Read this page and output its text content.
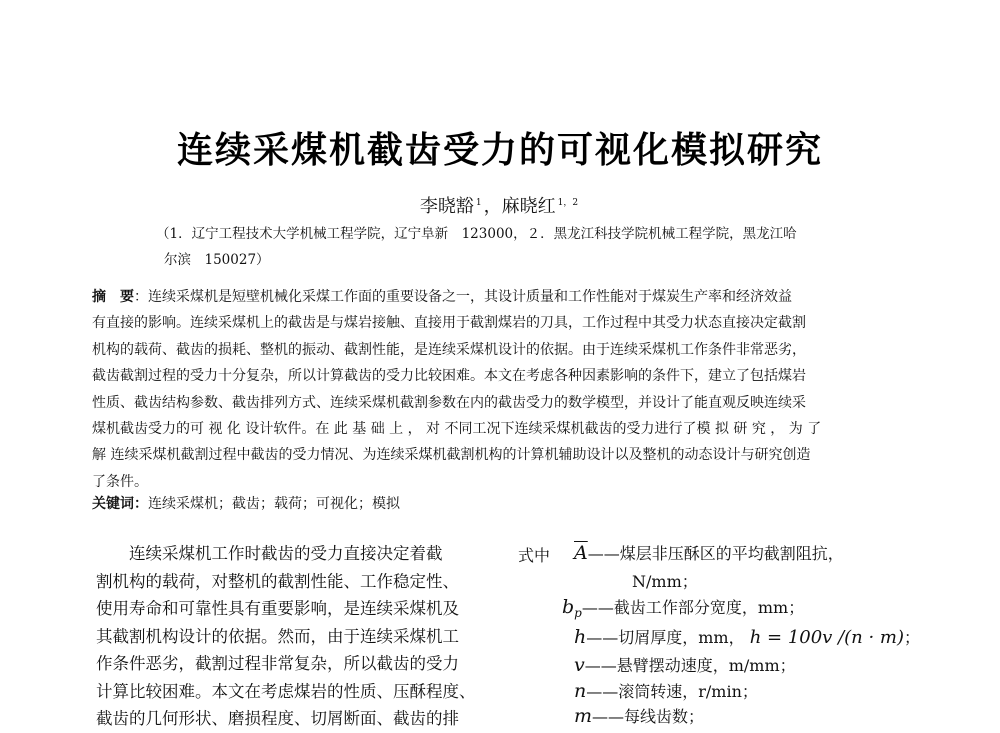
连续采煤机截齿受力的可视化模拟研究
李晓豁 $^1$ ，麻晓红 $^{1,2}$
（1．辽宁工程技术大学机械工程学院，辽宁阜新　123000，２．黑龙江科技学院机械工程学院，黑龙江哈
尔滨　150027）
摘　要：连续采煤机是短壁机械化采煤工作面的重要设备之一，其设计质量和工作性能对于煤炭生产率和经济效益
有直接的影响。连续采煤机上的截齿是与煤岩接触、直接用于截割煤岩的刀具，工作过程中其受力状态直接决定截割
机构的载荷、截齿的损耗、整机的振动、截割性能，是连续采煤机设计的依据。由于连续采煤机工作条件非常恶劣，
截齿截割过程的受力十分复杂，所以计算截齿的受力比较困难。本文在考虑各种因素影响的条件下，建立了包括煤岩
性质、截齿结构参数、截齿排列方式、连续采煤机截割参数在内的截齿受力的数学模型，并设计了能直观反映连续采
煤机截齿受力的可 视 化 设计软件。在 此 基 础 上 ， 对 不同工况下连续采煤机截齿的受力进行了模 拟 研 究 ， 为 了
解 连续采煤机截割过程中截齿的受力情况、为连续采煤机截割机构的计算机辅助设计以及整机的动态设计与研究创造
了条件。
关键词：连续采煤机；截齿；载荷；可视化；模拟
　　连续采煤机工作时截齿的受力直接决定着截
割机构的载荷，对整机的截割性能、工作稳定性、
使用寿命和可靠性具有重要影响，是连续采煤机及
其截割机构设计的依据。然而，由于连续采煤机工
作条件恶劣，截割过程非常复杂，所以截齿的受力
计算比较困难。本文在考虑煤岩的性质、压酥程度、
截齿的几何形状、磨损程度、切屑断面、截齿的排
式中 $\overline{A}——$煤层非压酥区的平均截割阻抗，
N/mm；
$b_p——$截齿工作部分宽度，mm；
h——切屑厚度，mm， h = 100v /(n · m)；
v——悬臂摆动速度，m/mm；
n——滚筒转速，r/min；
m——每线齿数；
